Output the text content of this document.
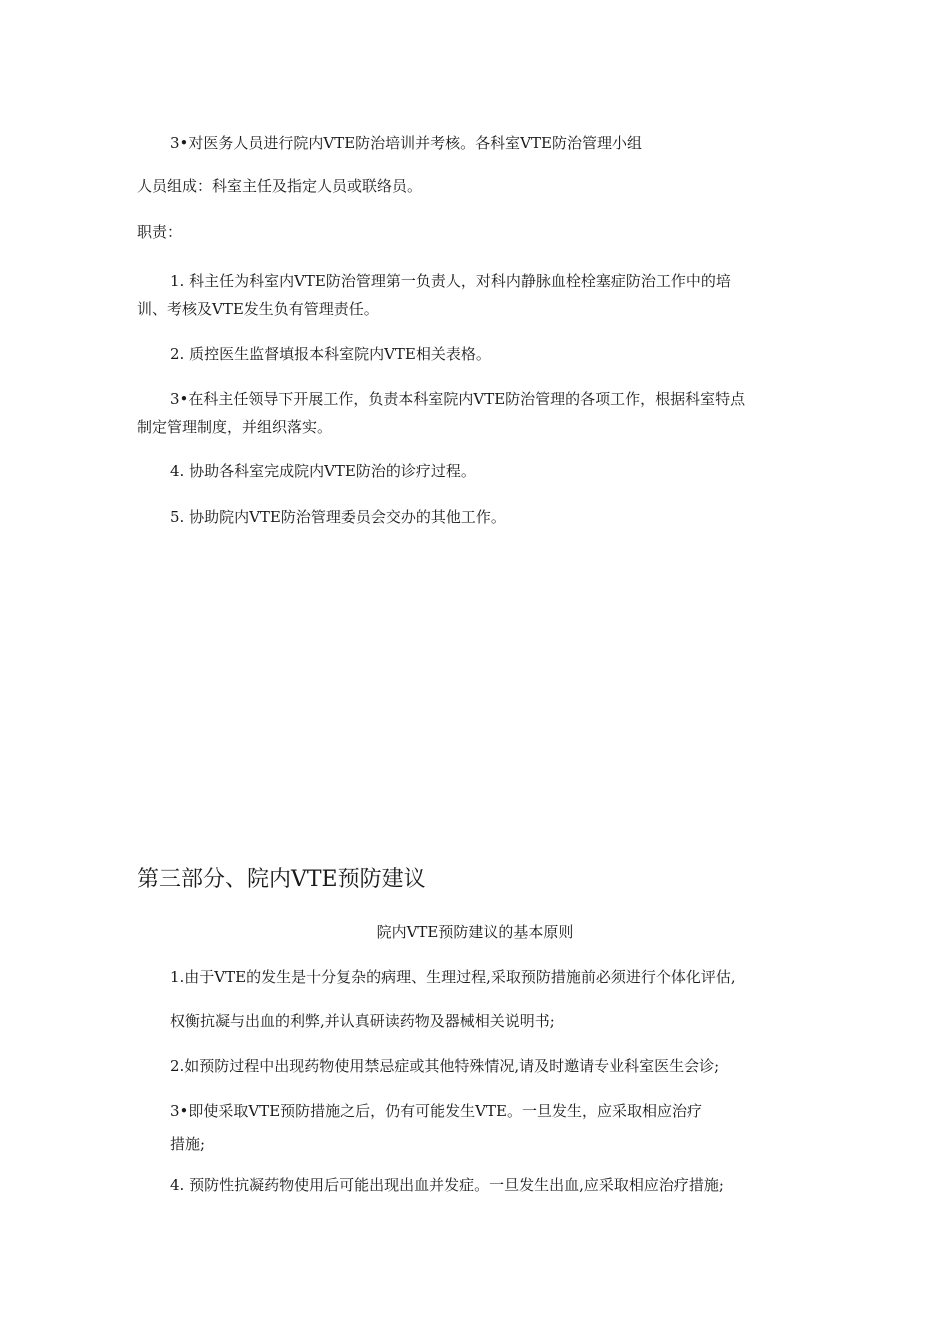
3•对医务人员进行院内VTE防治培训并考核。各科室VTE防治管理小组
人员组成：科室主任及指定人员或联络员。
职责：
1. 科主任为科室内VTE防治管理第一负责人，对科内静脉血栓栓塞症防治工作中的培
训、考核及VTE发生负有管理责任。
2. 质控医生监督填报本科室院内VTE相关表格。
3•在科主任领导下开展工作，负责本科室院内VTE防治管理的各项工作，根据科室特点
制定管理制度，并组织落实。
4. 协助各科室完成院内VTE防治的诊疗过程。
5. 协助院内VTE防治管理委员会交办的其他工作。
第三部分、院内VTE预防建议
院内VTE预防建议的基本原则
1.由于VTE的发生是十分复杂的病理、生理过程,采取预防措施前必须进行个体化评估,
权衡抗凝与出血的利弊,并认真研读药物及器械相关说明书;
2.如预防过程中出现药物使用禁忌症或其他特殊情况,请及时邀请专业科室医生会诊;
3•即使采取VTE预防措施之后，仍有可能发生VTE。一旦发生，应采取相应治疗
措施;
4. 预防性抗凝药物使用后可能出现出血并发症。一旦发生出血,应采取相应治疗措施;
